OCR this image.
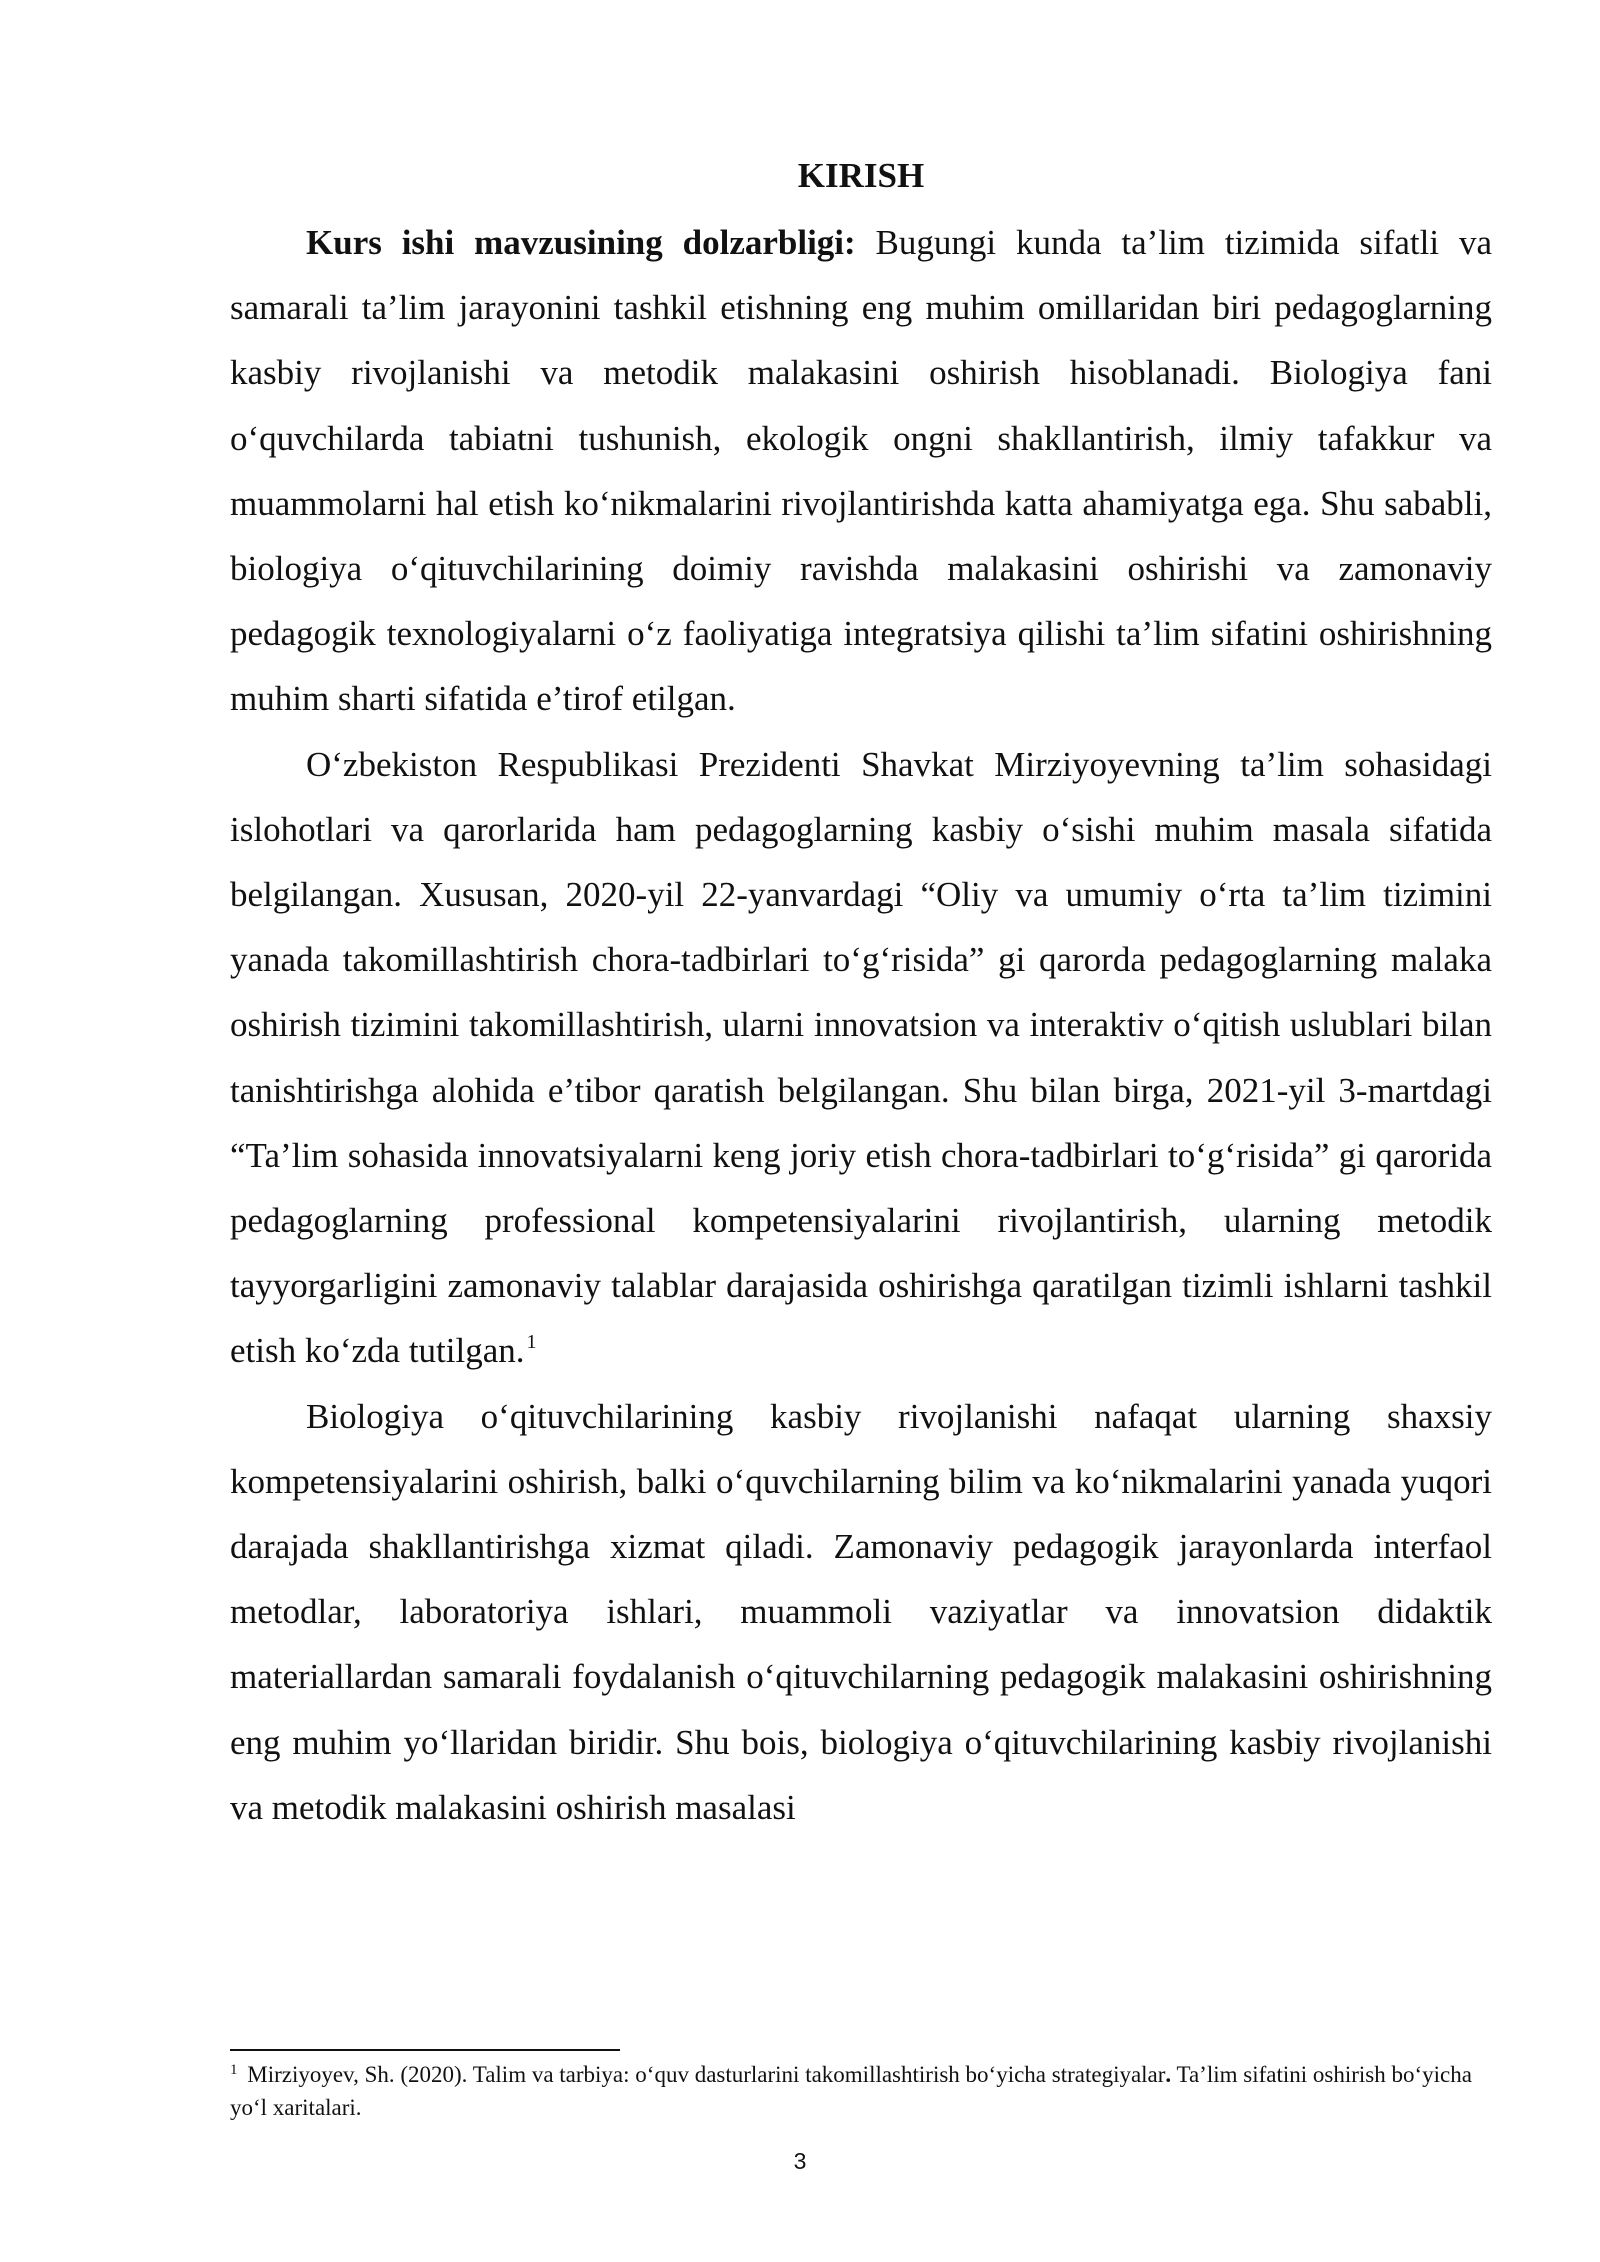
KIRISH

Kurs ishi mavzusining dolzarbligi: Bugungi kunda ta’lim tizimida sifatli va samarali ta’lim jarayonini tashkil etishning eng muhim omillaridan biri pedagoglarning kasbiy rivojlanishi va metodik malakasini oshirish hisoblanadi. Biologiya fani o‘quvchilarda tabiatni tushunish, ekologik ongni shakllantirish, ilmiy tafakkur va muammolarni hal etish ko‘nikmalarini rivojlantirishda katta ahamiyatga ega. Shu sababli, biologiya o‘qituvchilarining doimiy ravishda malakasini oshirishi va zamonaviy pedagogik texnologiyalarni o‘z faoliyatiga integratsiya qilishi ta’lim sifatini oshirishning muhim sharti sifatida e’tirof etilgan.

O‘zbekiston Respublikasi Prezidenti Shavkat Mirziyoyevning ta’lim sohasidagi islohotlari va qarorlarida ham pedagoglarning kasbiy o‘sishi muhim masala sifatida belgilangan. Xususan, 2020-yil 22-yanvardagi “Oliy va umumiy o‘rta ta’lim tizimini yanada takomillashtirish chora-tadbirlari to‘g‘risida” gi qarorda pedagoglarning malaka oshirish tizimini takomillashtirish, ularni innovatsion va interaktiv o‘qitish uslublari bilan tanishtirishga alohida e’tibor qaratish belgilangan. Shu bilan birga, 2021-yil 3-martdagi “Ta’lim sohasida innovatsiyalarni keng joriy etish chora-tadbirlari to‘g‘risida” gi qarorida pedagoglarning professional kompetensiyalarini rivojlantirish, ularning metodik tayyorgarligini zamonaviy talablar darajasida oshirishga qaratilgan tizimli ishlarni tashkil etish ko‘zda tutilgan. $^1$

Biologiya o‘qituvchilarining kasbiy rivojlanishi nafaqat ularning shaxsiy kompetensiyalarini oshirish, balki o‘quvchilarning bilim va ko‘nikmalarini yanada yuqori darajada shakllantirishga xizmat qiladi. Zamonaviy pedagogik jarayonlarda interfaol metodlar, laboratoriya ishlari, muammoli vaziyatlar va innovatsion didaktik materiallardan samarali foydalanish o‘qituvchilarning pedagogik malakasini oshirishning eng muhim yo‘llaridan biridir. Shu bois, biologiya o‘qituvchilarining kasbiy rivojlanishi va metodik malakasini oshirish masalasi

$^1$ Mirziyoyev, Sh. (2020). Talim va tarbiya: o‘quv dasturlarini takomillashtirish bo‘yicha strategiyalar. Ta’lim sifatini oshirish bo‘yicha yo‘l xaritalari.

3
